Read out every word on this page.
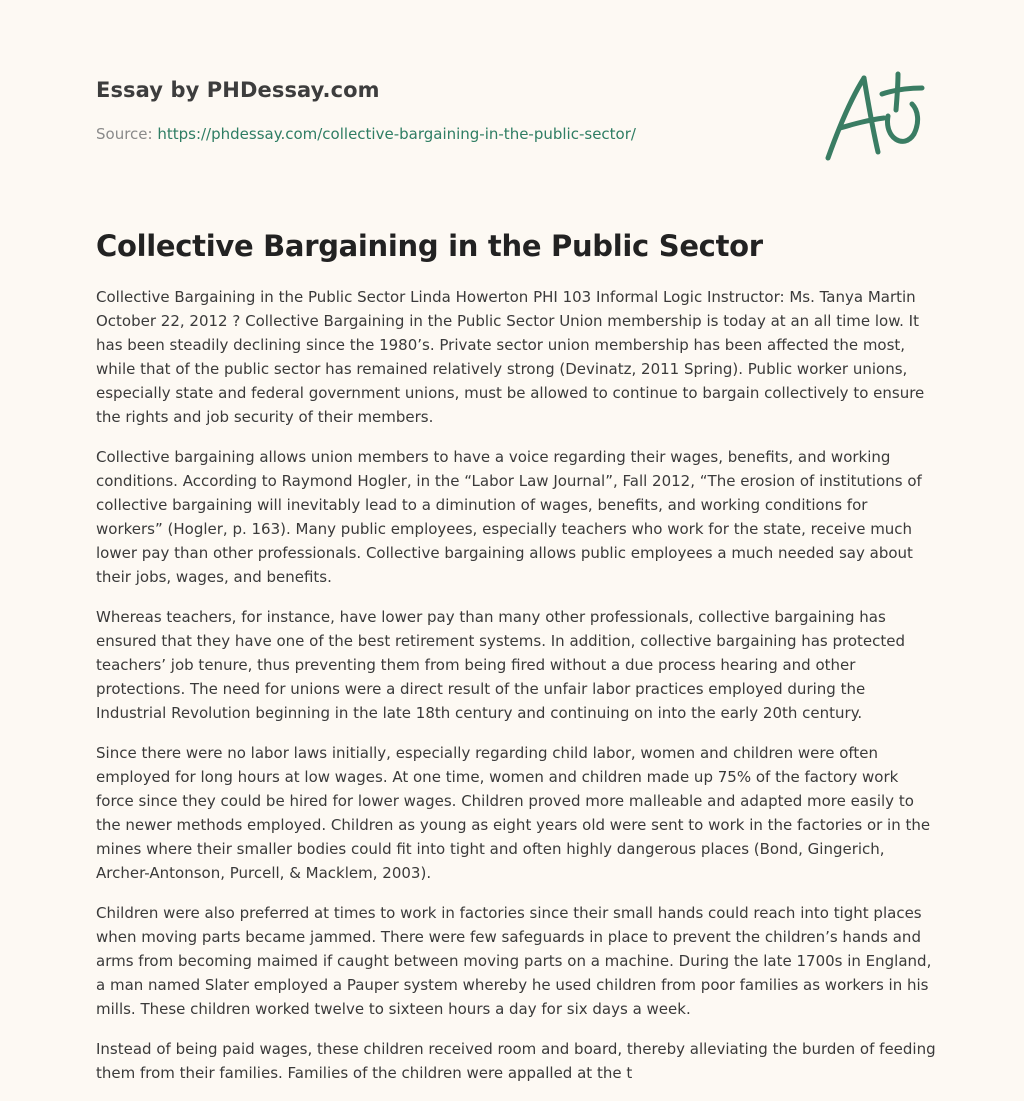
Essay by PHDessay.com
Source: https://phdessay.com/collective-bargaining-in-the-public-sector/
Collective Bargaining in the Public Sector

Collective Bargaining in the Public Sector Linda Howerton PHI 103 Informal Logic Instructor: Ms. Tanya Martin October 22, 2012 ? Collective Bargaining in the Public Sector Union membership is today at an all time low. It has been steadily declining since the 1980’s. Private sector union membership has been affected the most, while that of the public sector has remained relatively strong (Devinatz, 2011 Spring). Public worker unions, especially state and federal government unions, must be allowed to continue to bargain collectively to ensure the rights and job security of their members.

Collective bargaining allows union members to have a voice regarding their wages, benefits, and working conditions. According to Raymond Hogler, in the “Labor Law Journal”, Fall 2012, “The erosion of institutions of collective bargaining will inevitably lead to a diminution of wages, benefits, and working conditions for workers” (Hogler, p. 163). Many public employees, especially teachers who work for the state, receive much lower pay than other professionals. Collective bargaining allows public employees a much needed say about their jobs, wages, and benefits.

Whereas teachers, for instance, have lower pay than many other professionals, collective bargaining has ensured that they have one of the best retirement systems. In addition, collective bargaining has protected teachers’ job tenure, thus preventing them from being fired without a due process hearing and other protections. The need for unions were a direct result of the unfair labor practices employed during the Industrial Revolution beginning in the late 18th century and continuing on into the early 20th century.

Since there were no labor laws initially, especially regarding child labor, women and children were often employed for long hours at low wages. At one time, women and children made up 75% of the factory work force since they could be hired for lower wages. Children proved more malleable and adapted more easily to the newer methods employed. Children as young as eight years old were sent to work in the factories or in the mines where their smaller bodies could fit into tight and often highly dangerous places (Bond, Gingerich, Archer-Antonson, Purcell, & Macklem, 2003).

Children were also preferred at times to work in factories since their small hands could reach into tight places when moving parts became jammed. There were few safeguards in place to prevent the children’s hands and arms from becoming maimed if caught between moving parts on a machine. During the late 1700s in England, a man named Slater employed a Pauper system whereby he used children from poor families as workers in his mills. These children worked twelve to sixteen hours a day for six days a week.

Instead of being paid wages, these children received room and board, thereby alleviating the burden of feeding them from their families. Families of the children were appalled at the t
